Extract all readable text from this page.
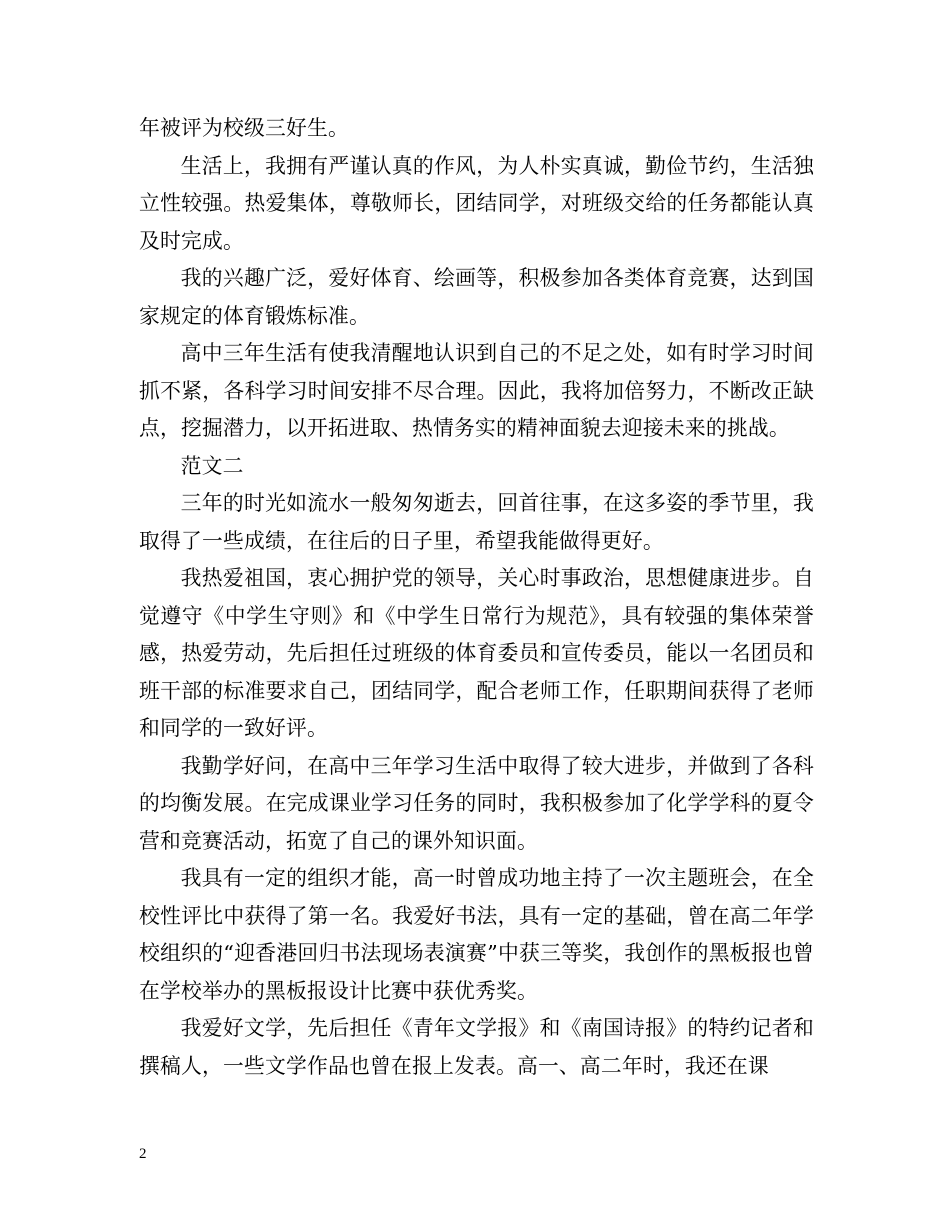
年被评为校级三好生。

生活上，我拥有严谨认真的作风，为人朴实真诚，勤俭节约，生活独立性较强。热爱集体，尊敬师长，团结同学，对班级交给的任务都能认真及时完成。

我的兴趣广泛，爱好体育、绘画等，积极参加各类体育竞赛，达到国家规定的体育锻炼标准。

高中三年生活有使我清醒地认识到自己的不足之处，如有时学习时间抓不紧，各科学习时间安排不尽合理。因此，我将加倍努力，不断改正缺点，挖掘潜力，以开拓进取、热情务实的精神面貌去迎接未来的挑战。

范文二

三年的时光如流水一般匆匆逝去，回首往事，在这多姿的季节里，我取得了一些成绩，在往后的日子里，希望我能做得更好。

我热爱祖国，衷心拥护党的领导，关心时事政治，思想健康进步。自觉遵守《中学生守则》和《中学生日常行为规范》，具有较强的集体荣誉感，热爱劳动，先后担任过班级的体育委员和宣传委员，能以一名团员和班干部的标准要求自己，团结同学，配合老师工作，任职期间获得了老师和同学的一致好评。

我勤学好问，在高中三年学习生活中取得了较大进步，并做到了各科的均衡发展。在完成课业学习任务的同时，我积极参加了化学学科的夏令营和竞赛活动，拓宽了自己的课外知识面。

我具有一定的组织才能，高一时曾成功地主持了一次主题班会，在全校性评比中获得了第一名。我爱好书法，具有一定的基础，曾在高二年学校组织的“迎香港回归书法现场表演赛”中获三等奖，我创作的黑板报也曾在学校举办的黑板报设计比赛中获优秀奖。

我爱好文学，先后担任《青年文学报》和《南国诗报》的特约记者和撰稿人，一些文学作品也曾在报上发表。高一、高二年时，我还在课

2
